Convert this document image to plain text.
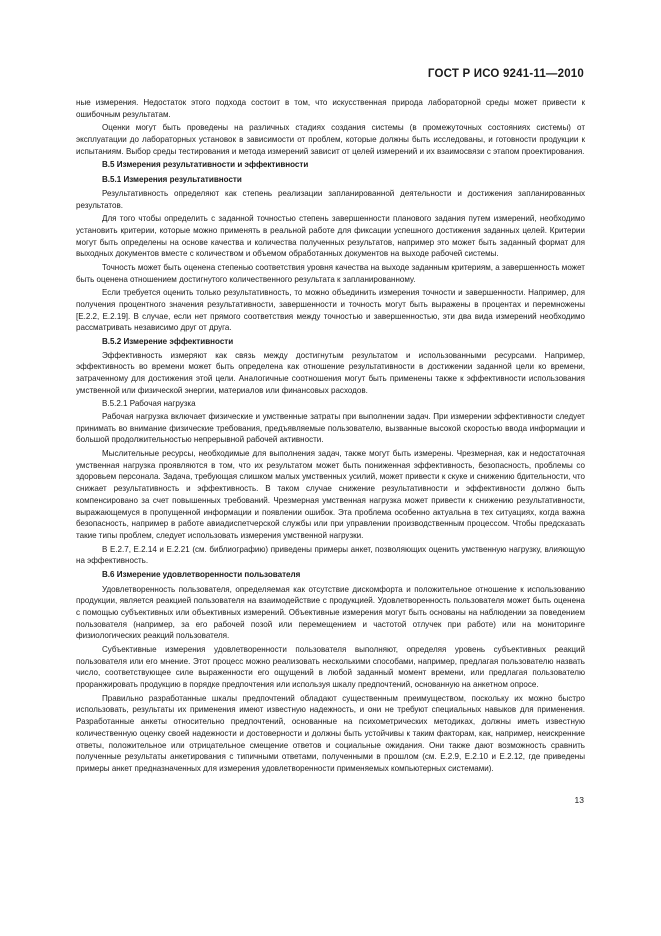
ГОСТ Р ИСО 9241-11—2010

ные измерения. Недостаток этого подхода состоит в том, что искусственная природа лабораторной среды может привести к ошибочным результатам.

Оценки могут быть проведены на различных стадиях создания системы (в промежуточных состояниях системы) от эксплуатации до лабораторных установок в зависимости от проблем, которые должны быть исследованы, и готовности продукции к испытаниям. Выбор среды тестирования и метода измерений зависит от целей измерений и их взаимосвязи с этапом проектирования.

В.5 Измерения результативности и эффективности
В.5.1 Измерения результативности

Результативность определяют как степень реализации запланированной деятельности и достижения запланированных результатов.

Для того чтобы определить с заданной точностью степень завершенности планового задания путем измерений, необходимо установить критерии, которые можно применять в реальной работе для фиксации успешного достижения заданных целей. Критерии могут быть определены на основе качества и количества полученных результатов, например это может быть заданный формат для выходных документов вместе с количеством и объемом обработанных документов на выходе рабочей системы.

Точность может быть оценена степенью соответствия уровня качества на выходе заданным критериям, а завершенность может быть оценена отношением достигнутого количественного результата к запланированному.

Если требуется оценить только результативность, то можно объединить измерения точности и завершенности. Например, для получения процентного значения результативности, завершенности и точность могут быть выражены в процентах и перемножены [Е.2.2, Е.2.19]. В случае, если нет прямого соответствия между точностью и завершенностью, эти два вида измерений необходимо рассматривать независимо друг от друга.

В.5.2 Измерение эффективности

Эффективность измеряют как связь между достигнутым результатом и использованными ресурсами. Например, эффективность во времени может быть определена как отношение результативности в достижении заданной цели ко времени, затраченному для достижения этой цели. Аналогичные соотношения могут быть применены также к эффективности использования умственной или физической энергии, материалов или финансовых расходов.

В.5.2.1 Рабочая нагрузка

Рабочая нагрузка включает физические и умственные затраты при выполнении задач. При измерении эффективности следует принимать во внимание физические требования, предъявляемые пользователю, вызванные высокой скоростью ввода информации и большой продолжительностью непрерывной рабочей активности.

Мыслительные ресурсы, необходимые для выполнения задач, также могут быть измерены. Чрезмерная, как и недостаточная умственная нагрузка проявляются в том, что их результатом может быть пониженная эффективность, безопасность, проблемы со здоровьем персонала. Задача, требующая слишком малых умственных усилий, может привести к скуке и снижению бдительности, что снижает результативность и эффективность. В таком случае снижение результативности и эффективности должно быть компенсировано за счет повышенных требований. Чрезмерная умственная нагрузка может привести к снижению результативности, выражающемуся в пропущенной информации и появлении ошибок. Эта проблема особенно актуальна в тех ситуациях, когда важна безопасность, например в работе авиадиспетчерской службы или при управлении производственным процессом. Чтобы предсказать такие типы проблем, следует использовать измерения умственной нагрузки.

В Е.2.7, Е.2.14 и Е.2.21 (см. библиографию) приведены примеры анкет, позволяющих оценить умственную нагрузку, влияющую на эффективность.

В.6 Измерение удовлетворенности пользователя

Удовлетворенность пользователя, определяемая как отсутствие дискомфорта и положительное отношение к использованию продукции, является реакцией пользователя на взаимодействие с продукцией. Удовлетворенность пользователя может быть оценена с помощью субъективных или объективных измерений. Объективные измерения могут быть основаны на наблюдении за поведением пользователя (например, за его рабочей позой или перемещением и частотой отлучек при работе) или на мониторинге физиологических реакций пользователя.

Субъективные измерения удовлетворенности пользователя выполняют, определяя уровень субъективных реакций пользователя или его мнение. Этот процесс можно реализовать несколькими способами, например, предлагая пользователю назвать число, соответствующее силе выраженности его ощущений в любой заданный момент времени, или предлагая пользователю проранжировать продукцию в порядке предпочтения или используя шкалу предпочтений, основанную на анкетном опросе.

Правильно разработанные шкалы предпочтений обладают существенным преимуществом, поскольку их можно быстро использовать, результаты их применения имеют известную надежность, и они не требуют специальных навыков для применения. Разработанные анкеты относительно предпочтений, основанные на психометрических методиках, должны иметь известную количественную оценку своей надежности и достоверности и должны быть устойчивы к таким факторам, как, например, неискренние ответы, положительное или отрицательное смещение ответов и социальные ожидания. Они также дают возможность сравнить полученные результаты анкетирования с типичными ответами, полученными в прошлом (см. Е.2.9, Е.2.10 и Е.2.12, где приведены примеры анкет предназначенных для измерения удовлетворенности применяемых компьютерных системами).

13
